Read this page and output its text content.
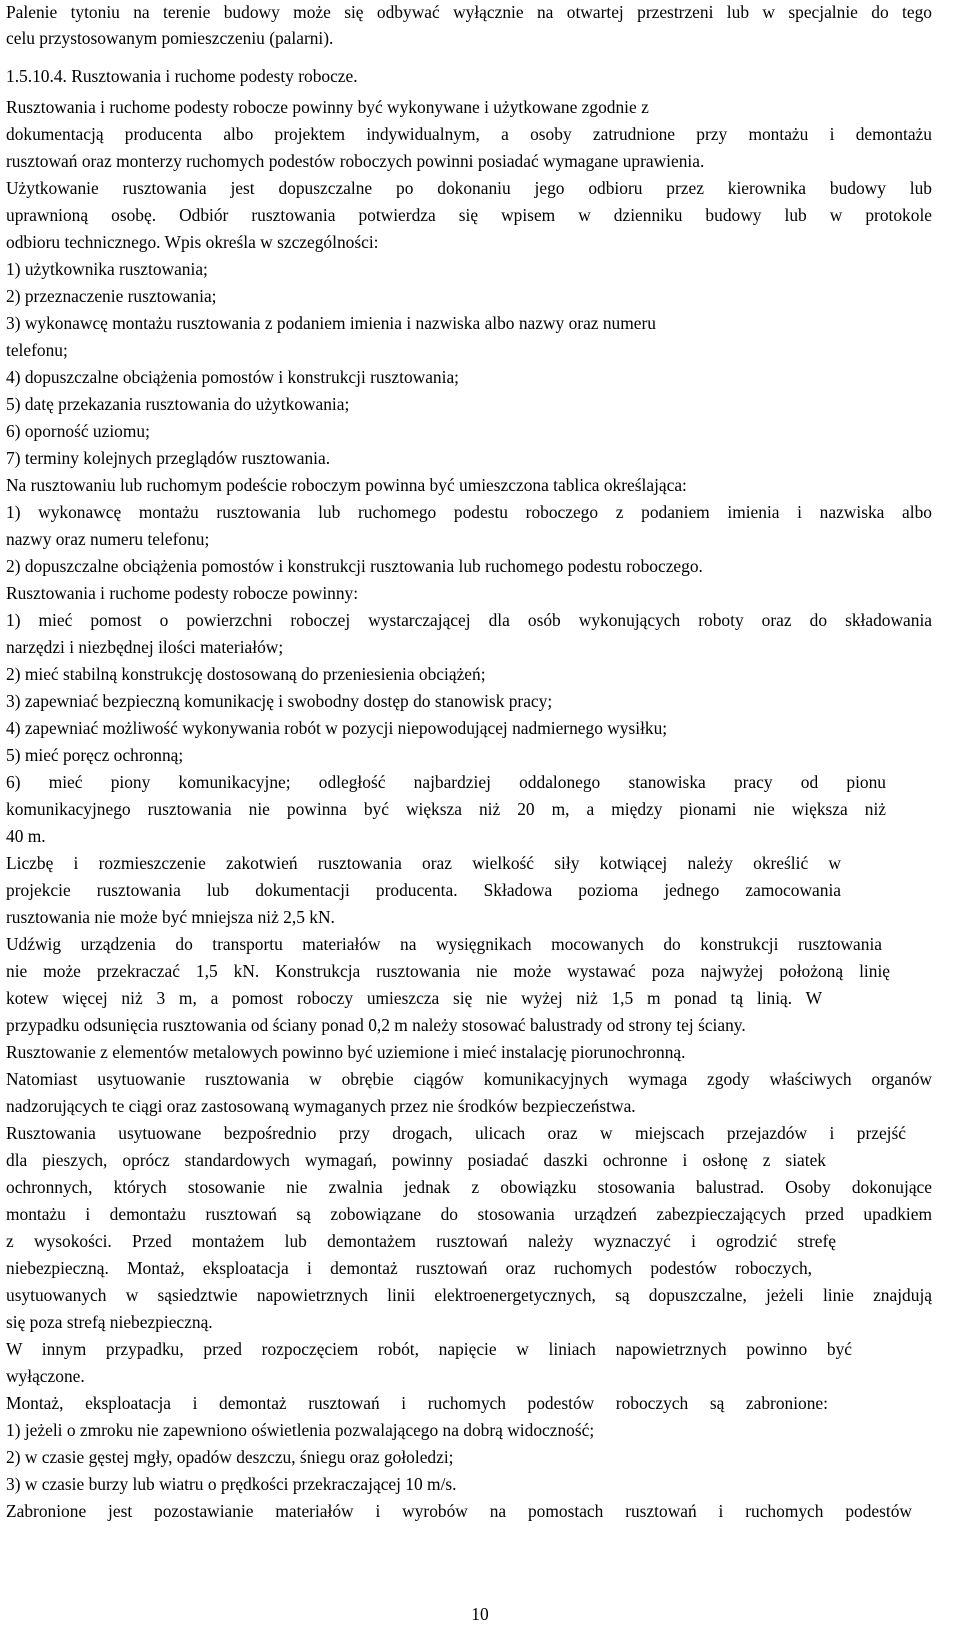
Palenie tytoniu na terenie budowy może się odbywać wyłącznie na otwartej przestrzeni lub w specjalnie do tego
celu przystosowanym pomieszczeniu (palarni).
1.5.10.4. Rusztowania i ruchome podesty robocze.
Rusztowania i ruchome podesty robocze powinny być wykonywane i użytkowane zgodnie z
dokumentacją producenta albo projektem indywidualnym, a osoby zatrudnione przy montażu i demontażu
rusztowań oraz monterzy ruchomych podestów roboczych powinni posiadać wymagane uprawienia.
Użytkowanie rusztowania jest dopuszczalne po dokonaniu jego odbioru przez kierownika budowy lub
uprawnioną osobę. Odbiór rusztowania potwierdza się wpisem w dzienniku budowy lub w protokole
odbioru technicznego. Wpis określa w szczególności:
1) użytkownika rusztowania;
2) przeznaczenie rusztowania;
3) wykonawcę montażu rusztowania z podaniem imienia i nazwiska albo nazwy oraz numeru
telefonu;
4) dopuszczalne obciążenia pomostów i konstrukcji rusztowania;
5) datę przekazania rusztowania do użytkowania;
6) oporność uziomu;
7) terminy kolejnych przeglądów rusztowania.
Na rusztowaniu lub ruchomym podeście roboczym powinna być umieszczona tablica określająca:
1) wykonawcę montażu rusztowania lub ruchomego podestu roboczego z podaniem imienia i nazwiska albo
nazwy oraz numeru telefonu;
2) dopuszczalne obciążenia pomostów i konstrukcji rusztowania lub ruchomego podestu roboczego.
Rusztowania i ruchome podesty robocze powinny:
1) mieć pomost o powierzchni roboczej wystarczającej dla osób wykonujących roboty oraz do składowania
narzędzi i niezbędnej ilości materiałów;
2) mieć stabilną konstrukcję dostosowaną do przeniesienia obciążeń;
3) zapewniać bezpieczną komunikację i swobodny dostęp do stanowisk pracy;
4) zapewniać możliwość wykonywania robót w pozycji niepowodującej nadmiernego wysiłku;
5) mieć poręcz ochronną;
6) mieć piony komunikacyjne; odległość najbardziej oddalonego stanowiska pracy od pionu
komunikacyjnego rusztowania nie powinna być większa niż 20 m, a między pionami nie większa niż
40 m.
Liczbę i rozmieszczenie zakotwień rusztowania oraz wielkość siły kotwiącej należy określić w
projekcie rusztowania lub dokumentacji producenta. Składowa pozioma jednego zamocowania
rusztowania nie może być mniejsza niż 2,5 kN.
Udźwig urządzenia do transportu materiałów na wysięgnikach mocowanych do konstrukcji rusztowania
nie może przekraczać 1,5 kN. Konstrukcja rusztowania nie może wystawać poza najwyżej położoną linię
kotew więcej niż 3 m, a pomost roboczy umieszcza się nie wyżej niż 1,5 m ponad tą linią. W
przypadku odsunięcia rusztowania od ściany ponad 0,2 m należy stosować balustrady od strony tej ściany.
Rusztowanie z elementów metalowych powinno być uziemione i mieć instalację piorunochronną.
Natomiast usytuowanie rusztowania w obrębie ciągów komunikacyjnych wymaga zgody właściwych organów
nadzorujących te ciągi oraz zastosowaną wymaganych przez nie środków bezpieczeństwa.
Rusztowania usytuowane bezpośrednio przy drogach, ulicach oraz w miejscach przejazdów i przejść
dla pieszych, oprócz standardowych wymagań, powinny posiadać daszki ochronne i osłonę z siatek
ochronnych, których stosowanie nie zwalnia jednak z obowiązku stosowania balustrad. Osoby dokonujące
montażu i demontażu rusztowań są zobowiązane do stosowania urządzeń zabezpieczających przed upadkiem
z wysokości. Przed montażem lub demontażem rusztowań należy wyznaczyć i ogrodzić strefę
niebezpieczną. Montaż, eksploatacja i demontaż rusztowań oraz ruchomych podestów roboczych,
usytuowanych w sąsiedztwie napowietrznych linii elektroenergetycznych, są dopuszczalne, jeżeli linie znajdują
się poza strefą niebezpieczną.
W innym przypadku, przed rozpoczęciem robót, napięcie w liniach napowietrznych powinno być
wyłączone.
Montaż, eksploatacja i demontaż rusztowań i ruchomych podestów roboczych są zabronione:
1) jeżeli o zmroku nie zapewniono oświetlenia pozwalającego na dobrą widoczność;
2) w czasie gęstej mgły, opadów deszczu, śniegu oraz gołoledzi;
3) w czasie burzy lub wiatru o prędkości przekraczającej 10 m/s.
Zabronione jest pozostawianie materiałów i wyrobów na pomostach rusztowań i ruchomych podestów
10
